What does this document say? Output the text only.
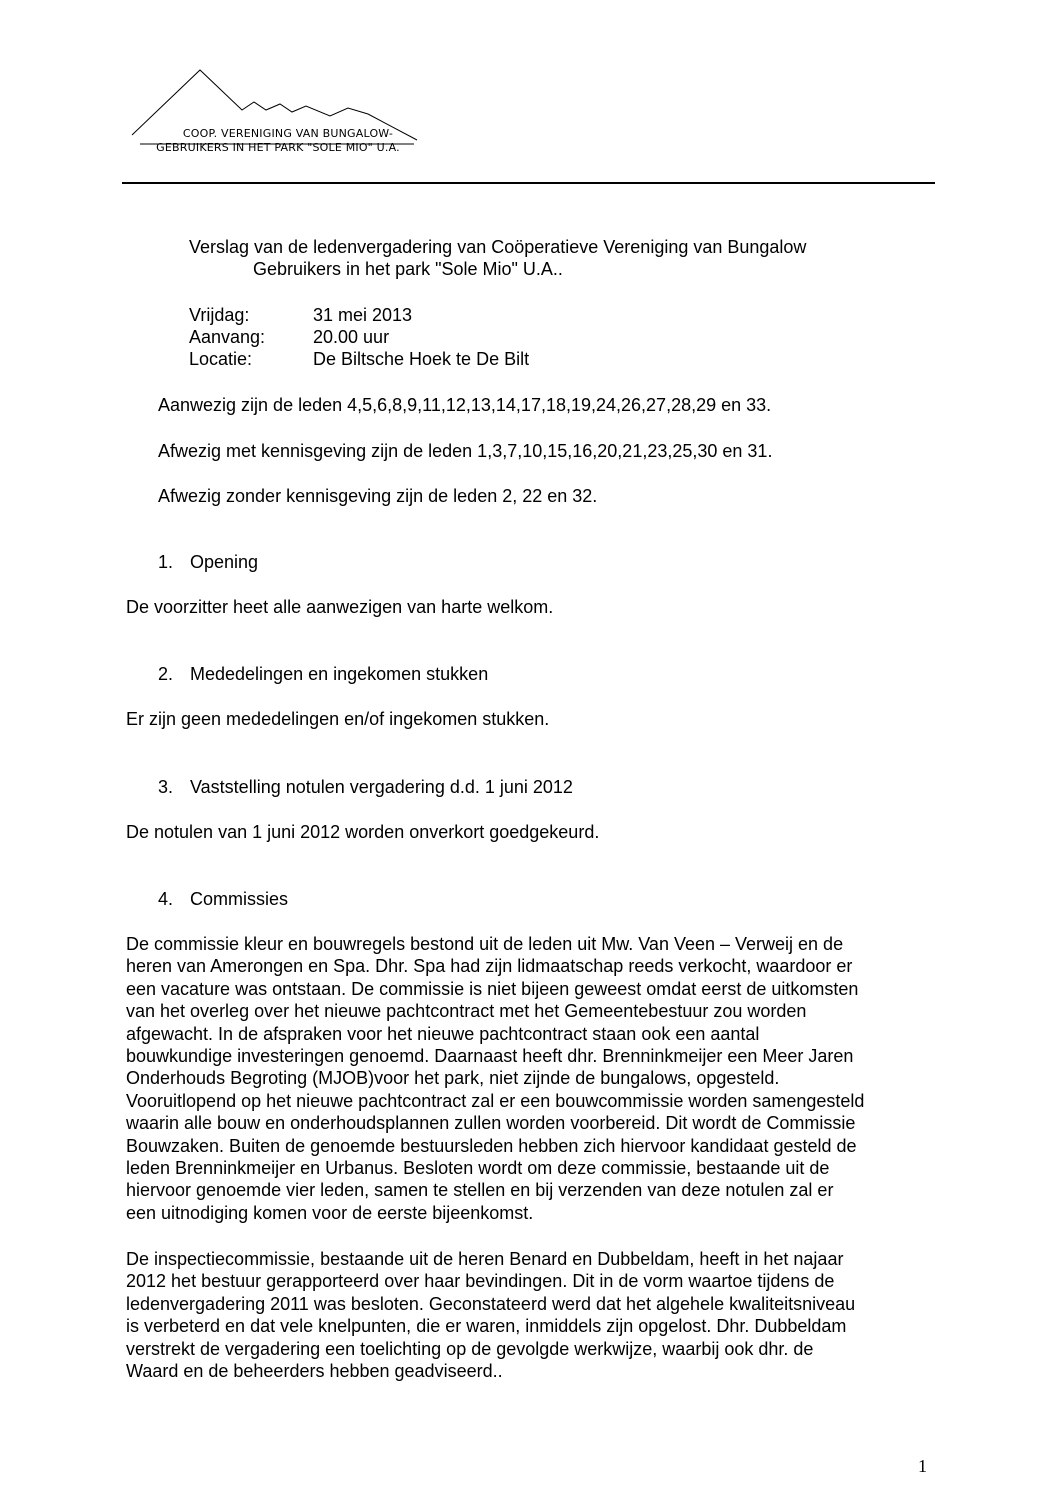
COOP. VERENIGING VAN BUNGALOW-
GEBRUIKERS IN HET PARK "SOLE MIO" U.A.
Verslag van de ledenvergadering van Coöperatieve Vereniging van Bungalow
Gebruikers in het park "Sole Mio" U.A..
Vrijdag:	31 mei 2013
Aanvang:	20.00 uur
Locatie:	De Biltsche Hoek te De Bilt
Aanwezig zijn de leden 4,5,6,8,9,11,12,13,14,17,18,19,24,26,27,28,29 en 33.
Afwezig met kennisgeving zijn de leden 1,3,7,10,15,16,20,21,23,25,30 en 31.
Afwezig zonder kennisgeving zijn de leden 2, 22 en 32.
1. Opening
De voorzitter heet alle aanwezigen van harte welkom.
2. Mededelingen en ingekomen stukken
Er zijn geen mededelingen en/of ingekomen stukken.
3. Vaststelling notulen vergadering d.d. 1 juni 2012
De notulen van 1 juni 2012 worden onverkort goedgekeurd.
4. Commissies
De commissie kleur en bouwregels bestond uit de leden uit Mw. Van Veen – Verweij en de
heren van Amerongen en Spa. Dhr. Spa had zijn lidmaatschap reeds verkocht, waardoor er
een vacature was ontstaan. De commissie is niet bijeen geweest omdat eerst de uitkomsten
van het overleg over het nieuwe pachtcontract met het Gemeentebestuur zou worden
afgewacht. In de afspraken voor het nieuwe pachtcontract staan ook een aantal
bouwkundige investeringen genoemd. Daarnaast heeft dhr. Brenninkmeijer een Meer Jaren
Onderhouds Begroting (MJOB)voor het park, niet zijnde de bungalows, opgesteld.
Vooruitlopend op het nieuwe pachtcontract zal er een bouwcommissie worden samengesteld
waarin alle bouw en onderhoudsplannen zullen worden voorbereid. Dit wordt de Commissie
Bouwzaken. Buiten de genoemde bestuursleden hebben zich hiervoor kandidaat gesteld de
leden Brenninkmeijer en Urbanus. Besloten wordt om deze commissie, bestaande uit de
hiervoor genoemde vier leden, samen te stellen en bij verzenden van deze notulen zal er
een uitnodiging komen voor de eerste bijeenkomst.
De inspectiecommissie, bestaande uit de heren Benard en Dubbeldam, heeft in het najaar
2012 het bestuur gerapporteerd over haar bevindingen. Dit in de vorm waartoe tijdens de
ledenvergadering 2011 was besloten. Geconstateerd werd dat het algehele kwaliteitsniveau
is verbeterd en dat vele knelpunten, die er waren, inmiddels zijn opgelost. Dhr. Dubbeldam
verstrekt de vergadering een toelichting op de gevolgde werkwijze, waarbij ook dhr. de
Waard en de beheerders hebben geadviseerd..
1
